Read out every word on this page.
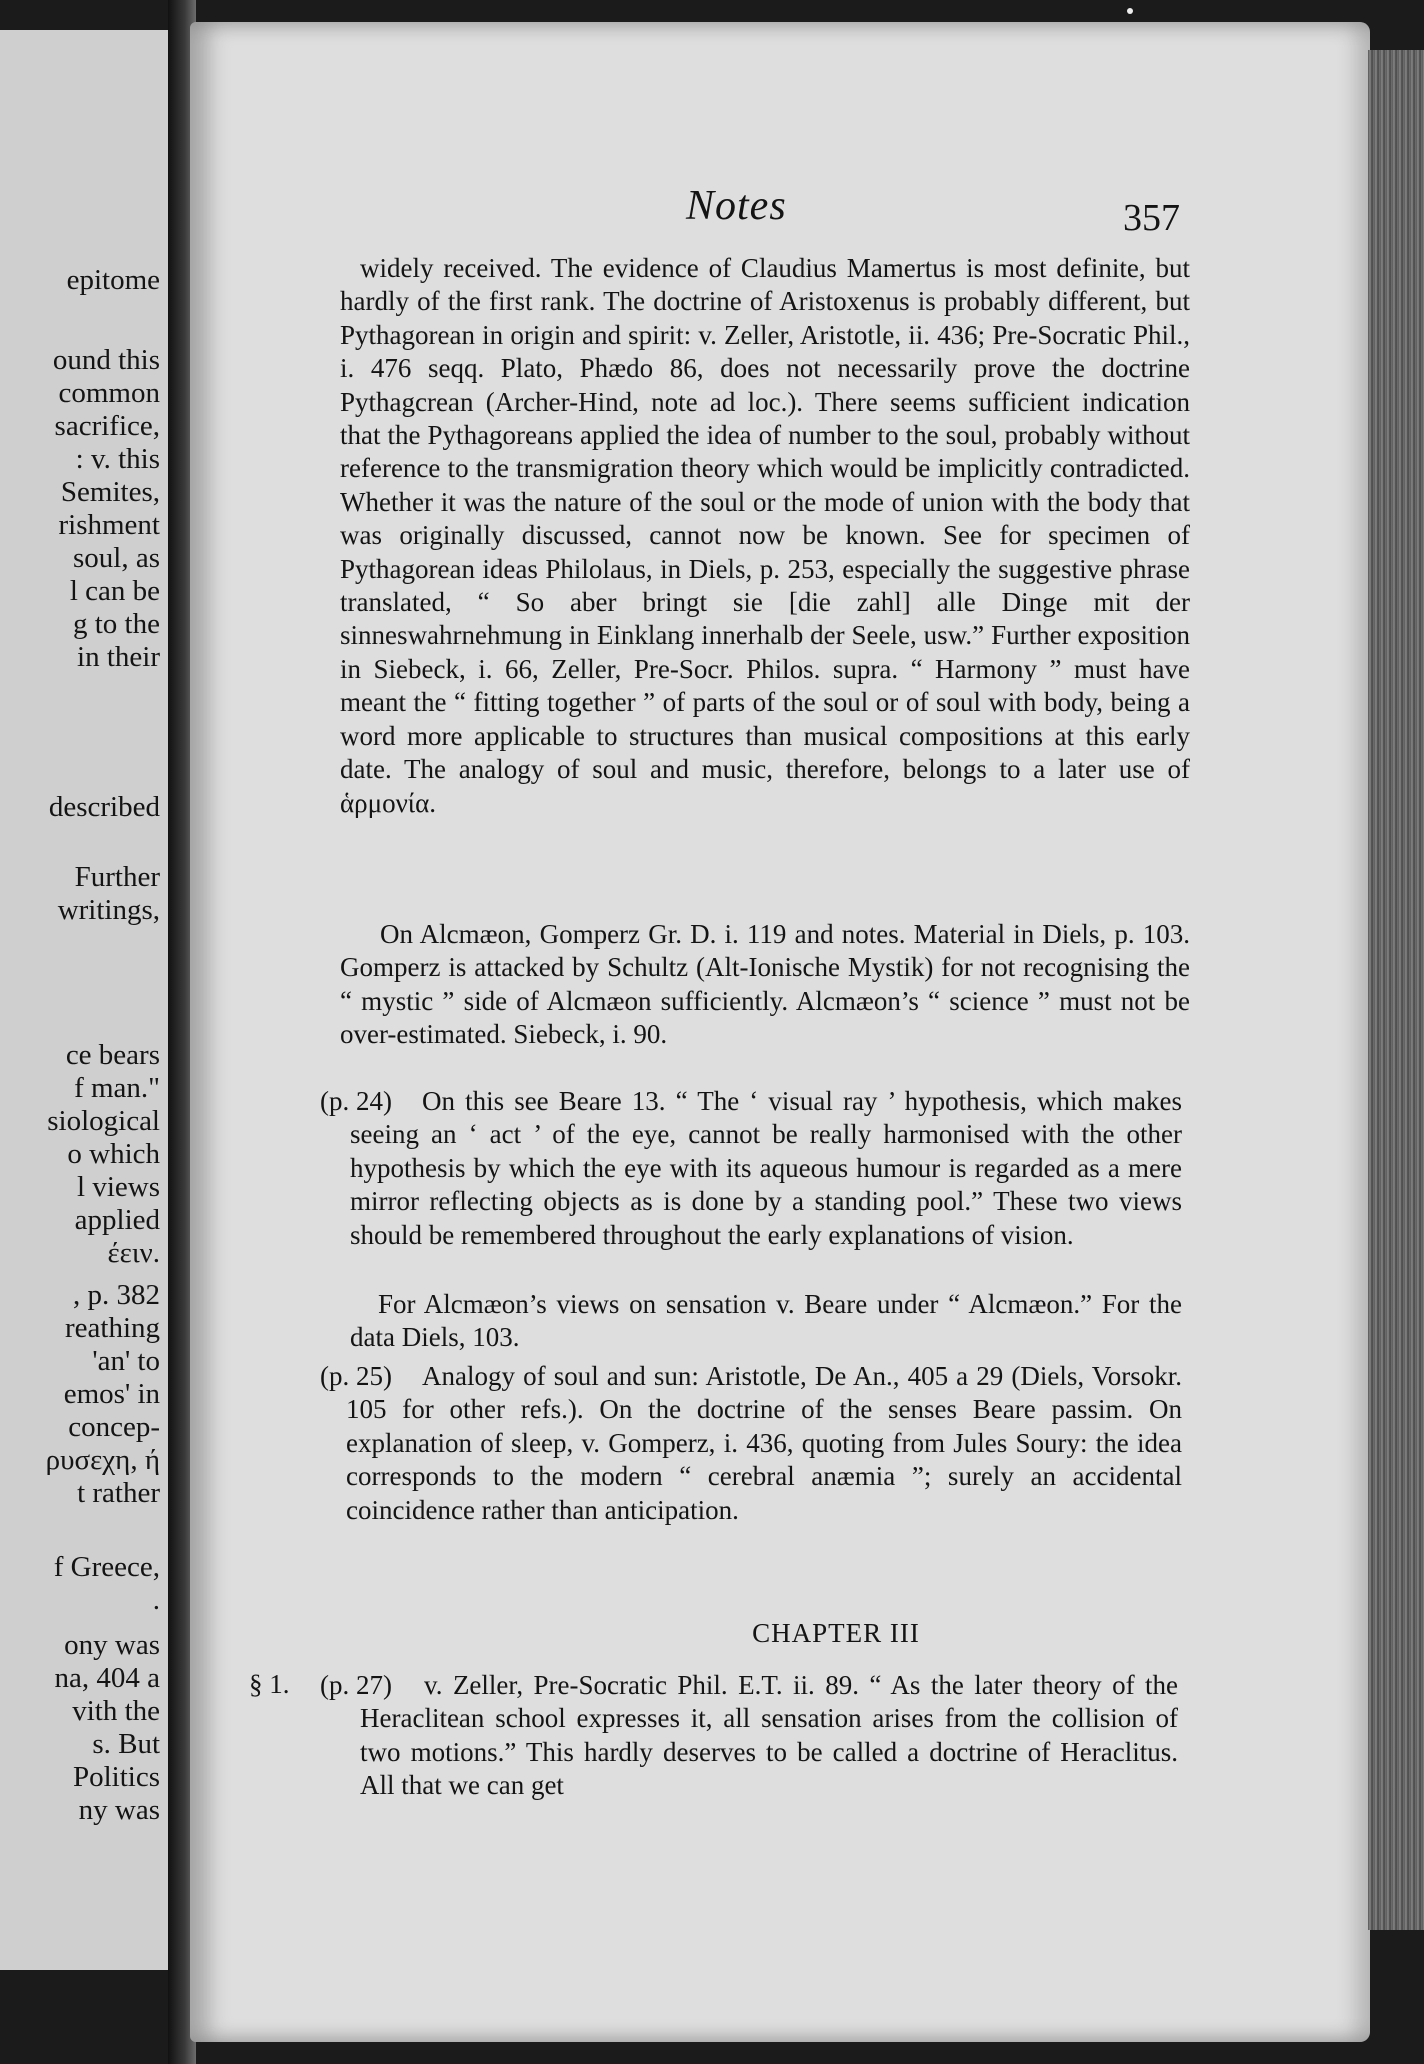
epitome
ound this
common
sacrifice,
: v. this
Semites,
rishment
soul, as
l can be
g to the
in their
described
Further
writings,
ce bears
f man."
siological
o which
l views
applied
έειν.
, p. 382
reathing
'an' to
emos' in
concep-
ρυσεχη, ή
t rather
f Greece,
.
ony was
na, 404 a
vith the
s. But
Politics
ny was
Notes	357
widely received. The evidence of Claudius Mamertus is most definite, but hardly of the first rank. The doctrine of Aristoxenus is probably different, but Pythagorean in origin and spirit: v. Zeller, Aristotle, ii. 436; Pre-Socratic Phil., i. 476 seqq. Plato, Phædo 86, does not necessarily prove the doctrine Pythagcrean (Archer-Hind, note ad loc.). There seems sufficient indication that the Pythagoreans applied the idea of number to the soul, probably without reference to the transmigration theory which would be implicitly contradicted. Whether it was the nature of the soul or the mode of union with the body that was originally discussed, cannot now be known. See for specimen of Pythagorean ideas Philolaus, in Diels, p. 253, especially the suggestive phrase translated, “ So aber bringt sie [die zahl] alle Dinge mit der sinneswahrnehmung in Einklang innerhalb der Seele, usw.” Further exposition in Siebeck, i. 66, Zeller, Pre-Socr. Philos. supra. “ Harmony ” must have meant the “ fitting together ” of parts of the soul or of soul with body, being a word more applicable to structures than musical compositions at this early date. The analogy of soul and music, therefore, belongs to a later use of ἁρμονία.
On Alcmæon, Gomperz Gr. D. i. 119 and notes. Material in Diels, p. 103. Gomperz is attacked by Schultz (Alt-Ionische Mystik) for not recognising the “ mystic ” side of Alcmæon sufficiently. Alcmæon’s “ science ” must not be over-estimated. Siebeck, i. 90.
(p. 24)	On this see Beare 13. “ The ‘ visual ray ’ hypothesis, which makes seeing an ‘ act ’ of the eye, cannot be really harmonised with the other hypothesis by which the eye with its aqueous humour is regarded as a mere mirror reflecting objects as is done by a standing pool.” These two views should be remembered throughout the early explanations of vision.
For Alcmæon’s views on sensation v. Beare under “ Alcmæon.” For the data Diels, 103.
(p. 25)	Analogy of soul and sun: Aristotle, De An., 405 a 29 (Diels, Vorsokr. 105 for other refs.). On the doctrine of the senses Beare passim. On explanation of sleep, v. Gomperz, i. 436, quoting from Jules Soury: the idea corresponds to the modern “ cerebral anæmia ”; surely an accidental coincidence rather than anticipation.
CHAPTER III
§ 1. (p. 27)	v. Zeller, Pre-Socratic Phil. E.T. ii. 89. “ As the later theory of the Heraclitean school expresses it, all sensation arises from the collision of two motions.” This hardly deserves to be called a doctrine of Heraclitus. All that we can get
